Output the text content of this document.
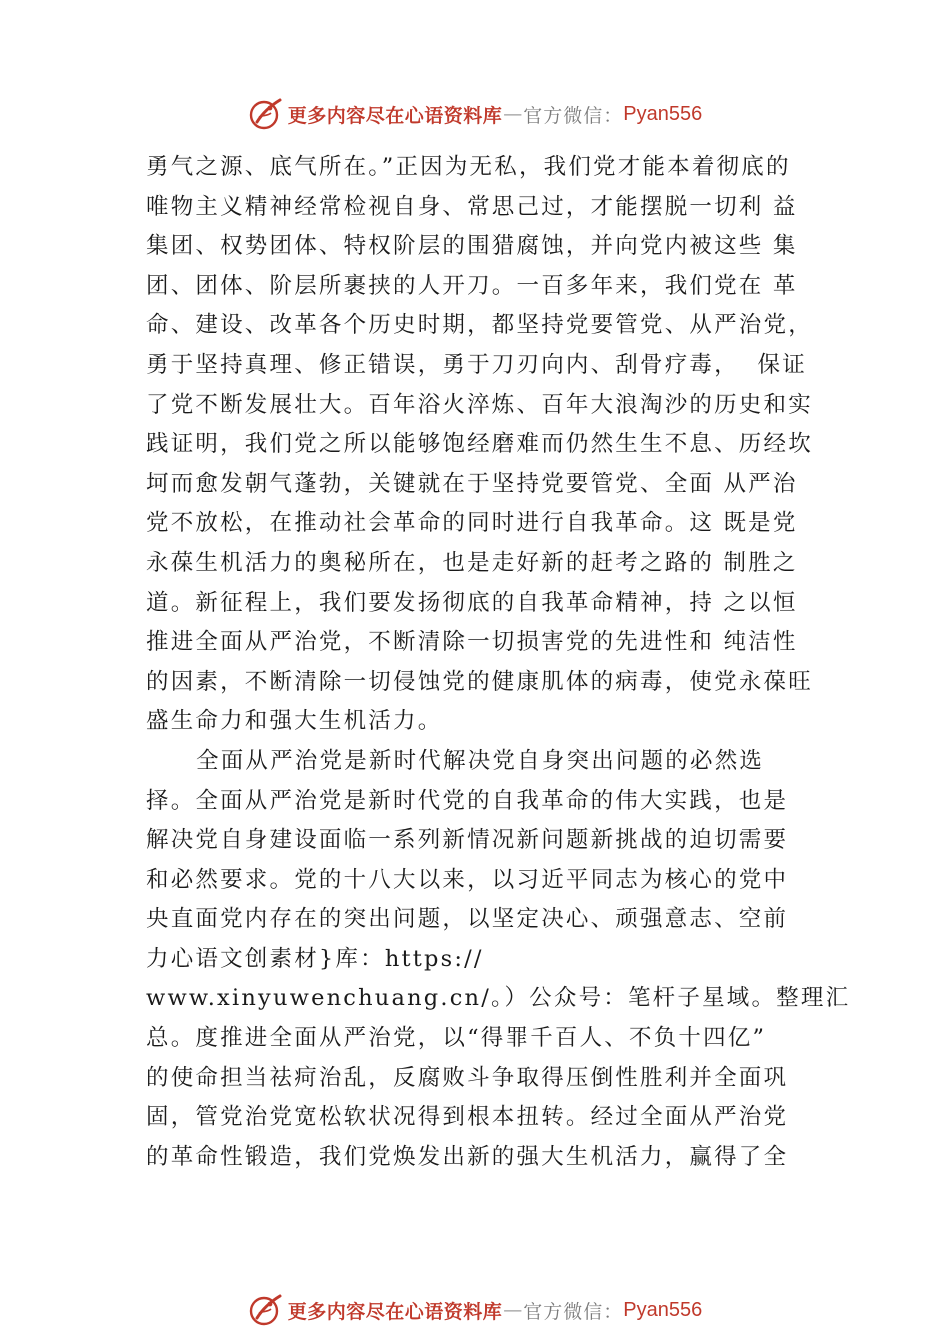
更多内容尽在心语资料库 — 官方微信： Pyan556
勇气之源、底气所在。”正因为无私，我们党才能本着彻底的
唯物主义精神经常检视自身、常思己过，才能摆脱一切利 益
集团、权势团体、特权阶层的围猎腐蚀，并向党内被这些 集
团、团体、阶层所裹挟的人开刀。一百多年来，我们党在 革
命、建设、改革各个历史时期，都坚持党要管党、从严治党，
勇于坚持真理、修正错误，勇于刀刃向内、刮骨疗毒，  保证
了党不断发展壮大。百年浴火淬炼、百年大浪淘沙的历史和实
践证明，我们党之所以能够饱经磨难而仍然生生不息、历经坎
坷而愈发朝气蓬勃，关键就在于坚持党要管党、全面 从严治
党不放松，在推动社会革命的同时进行自我革命。这 既是党
永葆生机活力的奥秘所在，也是走好新的赶考之路的 制胜之
道。新征程上，我们要发扬彻底的自我革命精神，持 之以恒
推进全面从严治党，不断清除一切损害党的先进性和 纯洁性
的因素，不断清除一切侵蚀党的健康肌体的病毒，使党永葆旺
盛生命力和强大生机活力。
全面从严治党是新时代解决党自身突出问题的必然选
择。全面从严治党是新时代党的自我革命的伟大实践，也是
解决党自身建设面临一系列新情况新问题新挑战的迫切需要
和必然要求。党的十八大以来，以习近平同志为核心的党中
央直面党内存在的突出问题，以坚定决心、顽强意志、空前
力心语文创素材}库：https://
www.xinyuwenchuang.cn/。）公众号：笔杆子星域。整理汇
总。度推进全面从严治党，以“得罪千百人、不负十四亿”
的使命担当祛疴治乱，反腐败斗争取得压倒性胜利并全面巩
固，管党治党宽松软状况得到根本扭转。经过全面从严治党
的革命性锻造，我们党焕发出新的强大生机活力，赢得了全
更多内容尽在心语资料库 — 官方微信： Pyan556
